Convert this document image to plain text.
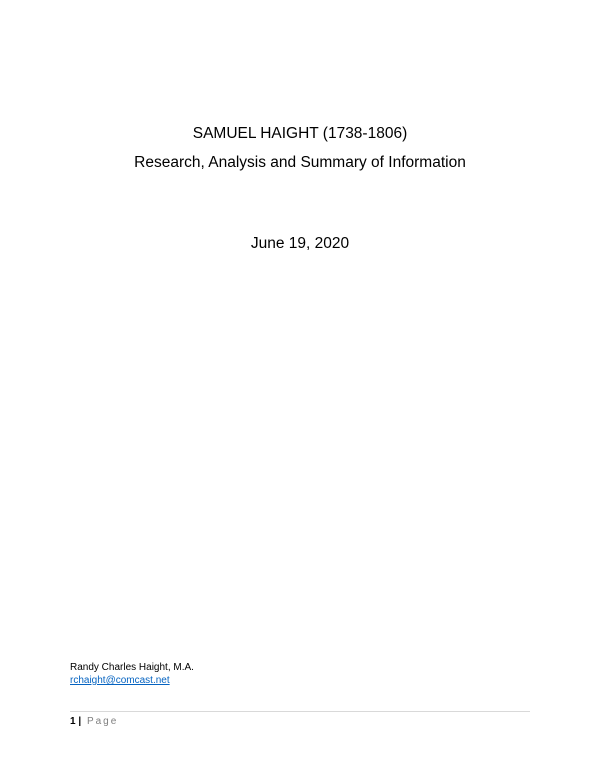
SAMUEL HAIGHT (1738-1806)
Research, Analysis and Summary of Information
June 19, 2020
Randy Charles Haight, M.A.
rchaight@comcast.net
1 | Page
